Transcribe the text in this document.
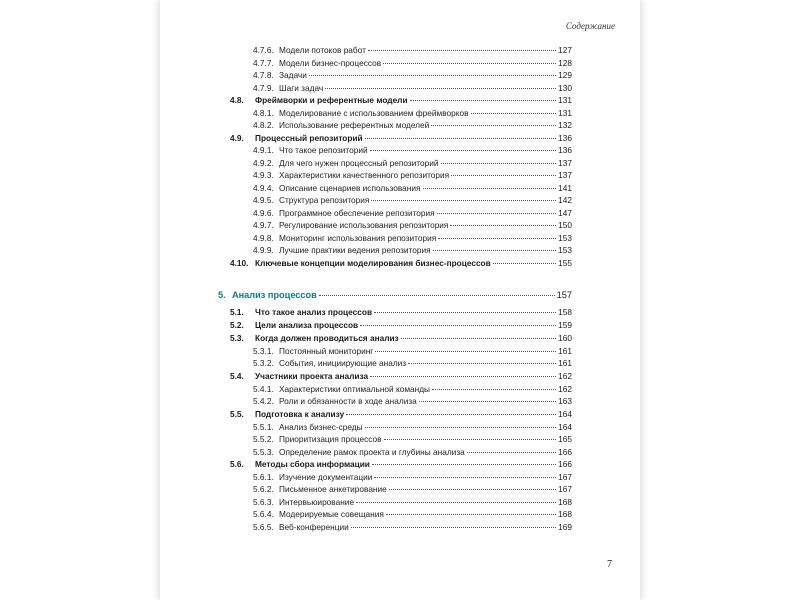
Содержание
4.7.6. Модели потоков работ	127
4.7.7. Модели бизнес-процессов	128
4.7.8. Задачи	129
4.7.9. Шаги задач	130
4.8.	Фреймворки и референтные модели	131
4.8.1. Моделирование с использованием фреймворков	131
4.8.2. Использование референтных моделей	132
4.9.	Процессный репозиторий	136
4.9.1. Что такое репозиторий	136
4.9.2. Для чего нужен процессный репозиторий	137
4.9.3. Характеристики качественного репозитория	137
4.9.4. Описание сценариев использования	141
4.9.5. Структура репозитория	142
4.9.6. Программное обеспечение репозитория	147
4.9.7. Регулирование использования репозитория	150
4.9.8. Мониторинг использования репозитория	153
4.9.9. Лучшие практики ведения репозитория	153
4.10. Ключевые концепции моделирования бизнес-процессов	155
5. Анализ процессов	157
5.1.	Что такое анализ процессов	158
5.2.	Цели анализа процессов	159
5.3.	Когда должен проводиться анализ	160
5.3.1. Постоянный мониторинг	161
5.3.2. События, инициирующие анализ	161
5.4.	Участники проекта анализа	162
5.4.1. Характеристики оптимальной команды	162
5.4.2. Роли и обязанности в ходе анализа	163
5.5.	Подготовка к анализу	164
5.5.1. Анализ бизнес-среды	164
5.5.2. Приоритизация процессов	165
5.5.3. Определение рамок проекта и глубины анализа	166
5.6.	Методы сбора информации	166
5.6.1. Изучение документации	167
5.6.2. Письменное анкетирование	167
5.6.3. Интервьюирование	168
5.6.4. Модерируемые совещания	168
5.6.5. Веб-конференции	169
7
